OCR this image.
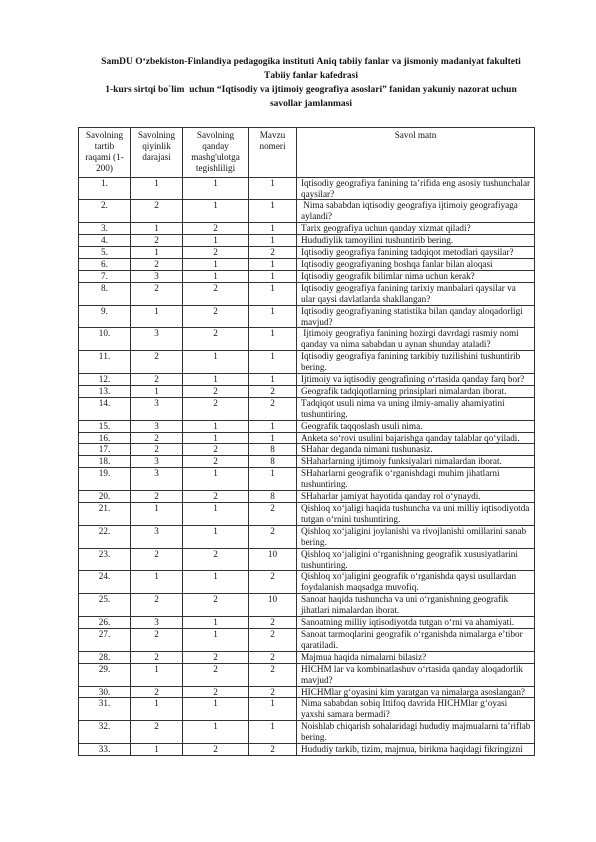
SamDU O‘zbekiston-Finlandiya pedagogika instituti Aniq tabiiy fanlar va jismoniy madaniyat fakulteti
Tabiiy fanlar kafedrasi
1-kurs sirtqi bo`lim  uchun “Iqtisodiy va ijtimoiy geografiya asoslari” fanidan yakuniy nazorat uchun
savollar jamlanmasi
Savolning tartib raqami (1-200)	Savolning qiyinlik darajasi	Savolning qanday mashg'ulotga tegishliligi	Mavzu nomeri	Savol matn
1.	1	1	1	Iqtisodiy geografiya fanining ta’rifida eng asosiy tushunchalar qaysilar?

2.	2	1	1	Nima sababdan iqtisodiy geografiya ijtimoiy geografiyaga aylandi?

3.	1	2	1	Tarix geografiya uchun qanday xizmat qiladi?

4.	2	1	1	Hududiylik tamoyilini tushuntirib bering.

5.	1	2	2	Iqtisodiy geografiya fanining tadqiqot metodlari qaysilar?

6.	2	1	1	Iqtisodiy geografiyaning boshqa fanlar bilan aloqasi

7.	3	1	1	Iqtisodiy geografik bilimlar nima uchun kerak?

8.	2	2	1	Iqtisodiy geografiya fanining tarixiy manbalari qaysilar va ular qaysi davlatlarda shakllangan?

9.	1	2	1	Iqtisodiy geografiyaning statistika bilan qanday aloqadorligi mavjud?

10.	3	2	1	Ijtimoiy geografiya fanining hozirgi davrdagi rasmiy nomi qanday va nima sababdan u aynan shunday ataladi?

11.	2	1	1	Iqtisodiy geografiya fanining tarkibiy tuzilishini tushuntirib bering.

12.	2	1	1	Ijtimoiy va iqtisodiy geografining o‘rtasida qanday farq bor?

13.	1	2	2	Geografik tadqiqotlarning prinsiplari nimalardan iborat.

14.	3	2	2	Tadqiqot usuli nima va uning ilmiy-amaliy ahamiyatini tushuntiring.

15.	3	1	1	Geografik taqqoslash usuli nima.

16.	2	1	1	Anketa so‘rovi usulini bajarishga qanday talablar qo‘yiladi.

17.	2	2	8	SHahar deganda nimani tushunasiz.

18.	3	2	8	SHaharlarning ijtimoiy funksiyalari nimalardan iborat.

19.	3	1	1	SHaharlarni geografik o‘rganishdagi muhim jihatlarni tushuntiring.

20.	2	2	8	SHaharlar jamiyat hayotida qanday rol o‘ynaydi.

21.	1	1	2	Qishloq xo‘jaligi haqida tushuncha va uni milliy iqtisodiyotda tutgan o‘rnini tushuntiring.

22.	3	1	2	Qishloq xo‘jaligini joylanishi va rivojlanishi omillarini sanab bering.

23.	2	2	10	Qishloq xo‘jaligini o‘rganishning geografik xususiyatlarini tushuntiring.

24.	1	1	2	Qishloq xo‘jaligini geografik o‘rganishda qaysi usullardan foydalanish maqsadga muvofiq.

25.	2	2	10	Sanoat haqida tushuncha va uni o‘rganishning geografik jihatlari nimalardan iborat.

26.	3	1	2	Sanoatning milliy iqtisodiyotda tutgan o‘rni va ahamiyati.

27.	2	1	2	Sanoat tarmoqlarini geografik o‘rganishda nimalarga e’tibor qaratiladi.

28.	2	2	2	Majmua haqida nimalarni bilasiz?

29.	1	2	2	HICHM lar va kombinatlashuv o‘rtasida qanday aloqadorlik mavjud?

30.	2	2	2	HICHMlar g‘oyasini kim yaratgan va nimalarga asoslangan?

31.	1	1	1	Nima sababdan sobiq Ittifoq davrida HICHMlar g‘oyasi yaxshi samara bermadi?

32.	2	1	1	Noishlab chiqarish sohalaridagi hududiy majmualarni ta’riflab bering.

33.	1	2	2	Hududiy tarkib, tizim, majmua, birikma haqidagi fikringizni
